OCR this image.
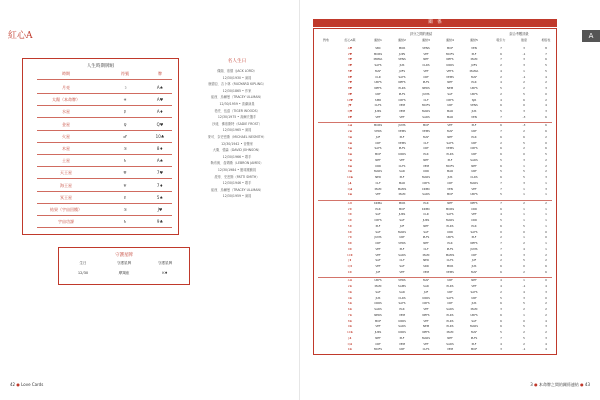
紅心A
人生時期牌組
時期	符號	牌
月亮	☽	A♠
太陽（本命牌）	☀	A♥
水星	☿	A♦
金星	♀	Q♥
火星	♂	10♣
木星	♃	8♦
土星	♄	A♠
天王星	♅	7♥
海王星	♆	7♦
冥王星	♇	5♠
結果（宇宙回饋）	♃	J♥
宇宙功課	♄	9♣
名人生日
傑瑞．洛德（JACK LORD）
12/30/1930 • 演員
鹿德亞．吉卜林（RUDYARD KIPLING）
12/30/1865 • 作家
崔西．烏爾曼（TRACEY ULLMAN）
12/30/1959 • 喜劇演員
老虎．伍茲（TIGER WOODS）
12/30/1975 • 高爾夫選手
沙迪．佛洛斯特（SADIE FROST）
12/30/1965 • 演員
麥可．奈史密斯（MICHAEL NESMITH）
12/30/1942 • 音樂家
大衛．強森（DAVID JOHNSON）
12/30/1966 • 歌手
勒布朗．詹姆斯（LEBRON JAMES）
12/30/1984 • 籃球運動員
派蒂．史密斯（PATTI SMITH）
12/30/1946 • 歌手
崔西．烏爾曼（TRACEY ULLMAN）
12/30/1959 • 演員
守護星牌
生日	守護星牌	守護星牌
12/30	摩羯座	K♦
42 ● Love Cards
A
關　係
評分之間的連結	綜合考數評級
對象	紅心A與	連結1	連結2	連結3	連結4	連結5	吸引力	強度	相容性
A♥	SBC	MOR	VENS	MOF	VEN	7	3	8
2♥	MORS	JUPS	VEF	MOFS	PLF	6	-1	7
3♥	MRMA	VENS	NEF	NEFS	MAM	7	3	6
4♥	SAFS	JUR	CLRS	URRS	JUFS	2	3	5
5♥	MAF	JUFS	VEF	VEFS	MAMA	4	1	5
6♥	CLR	SAFS	CRF	VEMS	MAF	2	-1	4
7♥	URFS	NEFS	PLFS	NEF	PLR	4	2	2
8♥	NEFS	PLRS	NERS	NEM	URFS	5	2	3
9♥	URF	PLFS	JUMS	SAF	URFS	2	5	0
10♥	SMR	CRFS	CLF	CRFS	SJR	4	6	2
J♥	CLFS	VEM	MOFS	URF	VENS	6	0	4
Q♥	JURS	VEM	MARS	MAR	JUR	5	3	3
K♥	VEF	VEF	SARS	MAR	VEN	7	-3	6
A♣	MORS	JUMS	MOF	VEF	PLF	6	-3	6
2♣	VERS	VEMS	VEMS	MAF	URF	7	2	6
3♣	JUF	PLF	MAF	NEF	PLR	6	6	2
4♣	CRF	VEMS	CLF	SAFS	URF	2	5	0
5♣	SAFS	PLFS	CRF	VEMS	CRFS	6	2	6
6♣	MOF	URRS	PLR	PLRS	URF	6	0	5
7♣	NEF	VEF	NEF	PLF	SARS	5	3	2
8♣	URR	CLFS	VEM	MOFS	NEF	6	1	2
9♣	MARS	SAR	URR	MAR	URF	5	5	2
10♣	NER	PLF	MARS	JUR	CLRS	6	5	3
J♣	CLF	MAR	CRFS	CRF	MARS	7	3	1
Q♣	MAM	MAMS	CRMC	VEN	VEF	7	1	3
K♣	VEF	MAM	SARS	MOF	URFS	5	1	1
A♦	KRMA	MOR	PLR	NEF	NEFS	7	2	2
2♦	PLR	MOF	KRMC	MORS	CRR	6	1	1
3♦	SAF	JURS	CLR	SAFS	VEF	4	1	1
4♦	CRFS	SAF	JURS	MARS	CRR	5	1	1
5♦	PLF	JUF	NEF	PLRS	PLR	6	5	1
6♦	SAF	MARS	SAF	URR	SAFS	0	0	0
7♦	JUMS	URF	PLFS	URFS	PLF	2	1	0
8♦	CRF	VERS	NEF	PLR	NEFS	7	2	1
9♦	VEF	PLF	CLF	PLFS	JUMS	7	4	1
10♦	VEF	SARS	MAM	MAMS	CRF	4	3	2
J♦	SAF	CLF	NER	CLFS	JUF	2	5	2
Q♦	VEF	SAF	SRR	MOR	JUR	6	0	6
K♦	JUF	VEF	VEM	VEMS	MAF	6	2	6
A♠	URFS	VERS	MAF	URF	NEF	4	1	0
2♠	MAM	SAMS	SAR	PLRS	VEF	4	-1	4
3♠	SAF	SAR	JUF	URF	SAFS	2	4	3
4♠	JUR	CLRS	URRS	SAFS	URF	5	3	0
5♠	CRRS	SAFS	CRFS	CRF	JUR	6	5	2
6♠	SARS	PLR	VEF	SARS	MAM	3	2	2
7♠	NERS	VEM	NEFS	PLRS	URFS	6	1	2
8♠	MOF	URRS	VEF	PLRS	SAF	6	0	4
9♠	VEF	SARS	NEM	PLRS	MARS	6	5	3
10♠	JURS	URRS	NEFS	MAM	MAF	5	2	2
J♠	NEF	PLF	MARS	NEF	PLFS	7	5	3
Q♠	CRF	VEM	VEF	SARS	PLF	4	2	4
K♠	MOFS	URF	CLFS	VEM	MOF	3	-1	4
3 ● 本命牌之間的關係連結 ● 43
